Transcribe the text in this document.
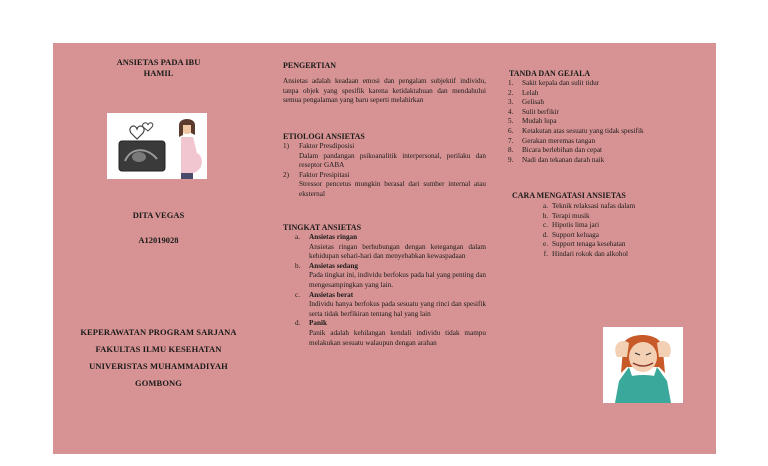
ANSIETAS PADA IBU
HAMIL
DITA VEGAS
A12019028
KEPERAWATAN PROGRAM SARJANA
FAKULTAS ILMU KESEHATAN
UNIVERISTAS MUHAMMADIYAH
GOMBONG

PENGERTIAN

Ansietas adalah keadaan emosi dan pengalam subjektif individu, tanpa objek yang spesifik karena ketidaktahuan dan mendahului semua pengalaman yang baru seperti melahirkan

ETIOLOGI ANSIETAS

1)	Faktor Presdiposisi

Dalam pandangan psikoanalitik interpersonal, perilaku dan reseptor GABA

2)	Faktor Presipitasi

Stressor pencetus mungkin berasal dari sumber internal atau eksternal

TINGKAT ANSIETAS

a.	Ansietas ringan

Ansietas ringan berhubungan dengan ketegangan dalam kehidupan sehari-hari dan menyebabkan kewaspadaan

b.	Ansietas sedang

Pada tingkat ini, individu berfokus pada hal yang penting dan mengesampingkan yang lain.

c.	Ansietas berat

Individu hanya berfokus pada sesuatu yang rinci dan spesifik serta tidak berfikiran tentang hal yang lain

d.	Panik

Panik adalah kehilangan kendali individu tidak mampu melakukan sesuatu walaupun dengan arahan

TANDA DAN GEJALA

1.	Sakit kepala dan sulit tidur
2.	Lelah
3.	Gelisah
4.	Sulit berfikir
5.	Mudah lupa
6.	Ketakutan atas sesuatu yang tidak spesifik
7.	Gerakan meremas tangan
8.	Bicara berlebihan dan cepat
9.	Nadi dan tekanan darah naik

CARA MENGATASI ANSIETAS

a. Teknik relaksasi nafas dalam
b. Terapi musik
c. Hipotis lima jari
d. Support keluaga
e. Support tenaga kesehatan
f. Hindari rokok dan alkohol
